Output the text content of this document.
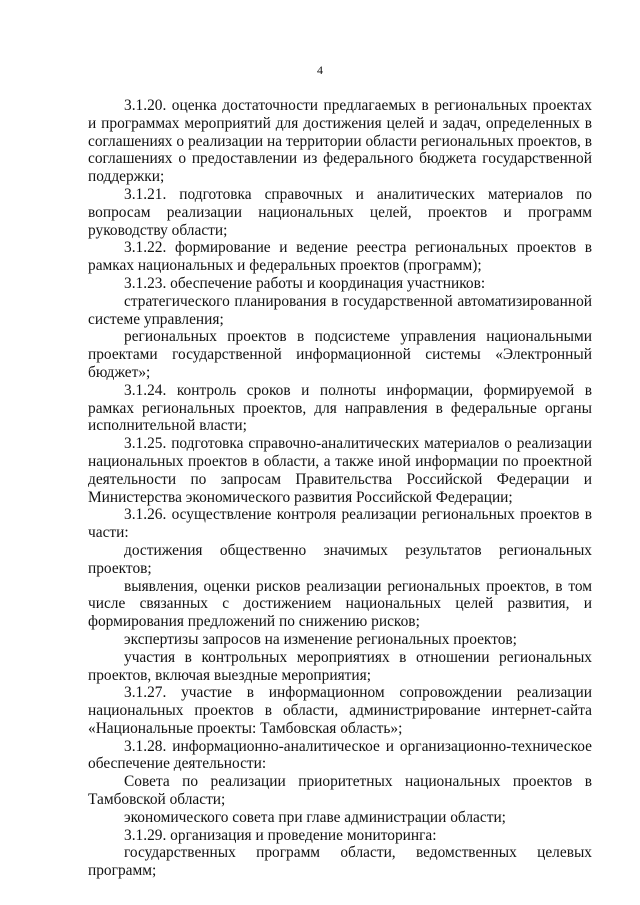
4

3.1.20. оценка достаточности предлагаемых в региональных проектах и программах мероприятий для достижения целей и задач, определенных в соглашениях о реализации на территории области региональных проектов, в соглашениях о предоставлении из федерального бюджета государственной поддержки;

3.1.21. подготовка справочных и аналитических материалов по вопросам реализации национальных целей, проектов и программ руководству области;

3.1.22. формирование и ведение реестра региональных проектов в рамках национальных и федеральных проектов (программ);

3.1.23. обеспечение работы и координация участников:

стратегического планирования в государственной автоматизированной системе управления;

региональных проектов в подсистеме управления национальными проектами государственной информационной системы «Электронный бюджет»;

3.1.24. контроль сроков и полноты информации, формируемой в рамках региональных проектов, для направления в федеральные органы исполнительной власти;

3.1.25. подготовка справочно-аналитических материалов о реализации национальных проектов в области, а также иной информации по проектной деятельности по запросам Правительства Российской Федерации и Министерства экономического развития Российской Федерации;

3.1.26. осуществление контроля реализации региональных проектов в части:

достижения общественно значимых результатов региональных проектов;

выявления, оценки рисков реализации региональных проектов, в том числе связанных с достижением национальных целей развития, и формирования предложений по снижению рисков;

экспертизы запросов на изменение региональных проектов;

участия в контрольных мероприятиях в отношении региональных проектов, включая выездные мероприятия;

3.1.27. участие в информационном сопровождении реализации национальных проектов в области, администрирование интернет-сайта «Национальные проекты: Тамбовская область»;

3.1.28. информационно-аналитическое и организационно-техническое обеспечение деятельности:

Совета по реализации приоритетных национальных проектов в Тамбовской области;

экономического совета при главе администрации области;

3.1.29. организация и проведение мониторинга:

государственных программ области, ведомственных целевых программ;
